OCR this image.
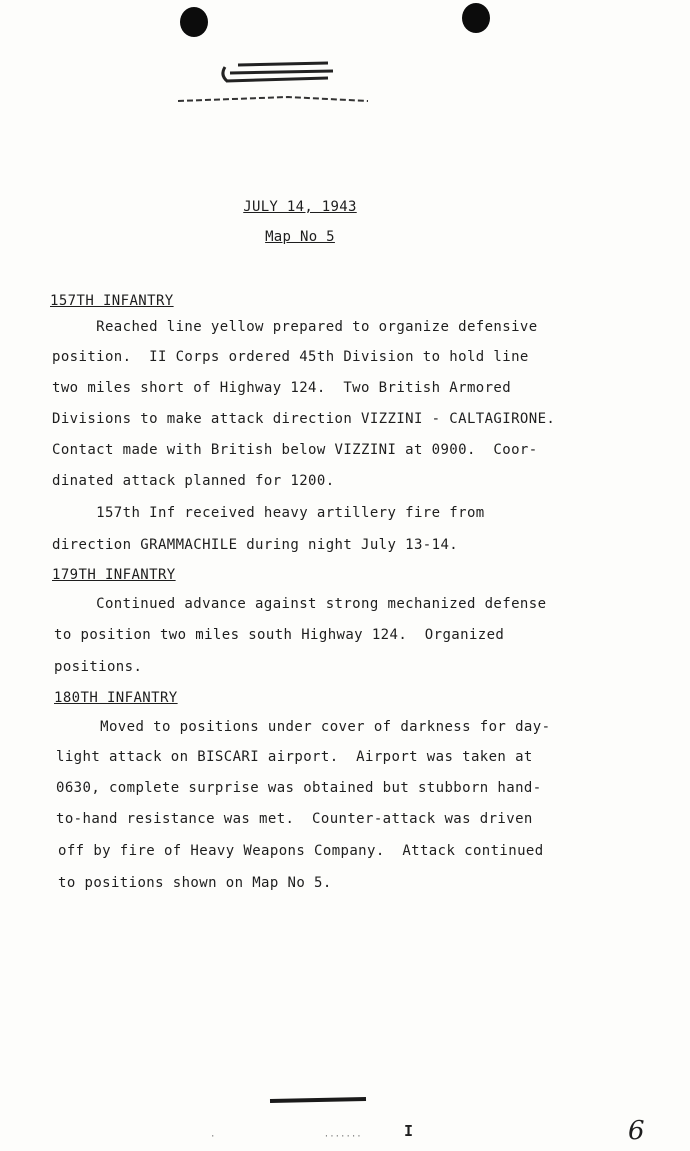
JULY 14, 1943
Map No 5
157TH INFANTRY
Reached line yellow prepared to organize defensive
position.  II Corps ordered 45th Division to hold line
two miles short of Highway 124.  Two British Armored
Divisions to make attack direction VIZZINI - CALTAGIRONE.
Contact made with British below VIZZINI at 0900.  Coor-
dinated attack planned for 1200.
157th Inf received heavy artillery fire from
direction GRAMMACHILE during night July 13-14.
179TH INFANTRY
Continued advance against strong mechanized defense
to position two miles south Highway 124.  Organized
positions.
180TH INFANTRY
Moved to positions under cover of darkness for day-
light attack on BISCARI airport.  Airport was taken at
0630, complete surprise was obtained but stubborn hand-
to-hand resistance was met.  Counter-attack was driven
off by fire of Heavy Weapons Company.  Attack continued
to positions shown on Map No 5.
I
·                    ·······	6
